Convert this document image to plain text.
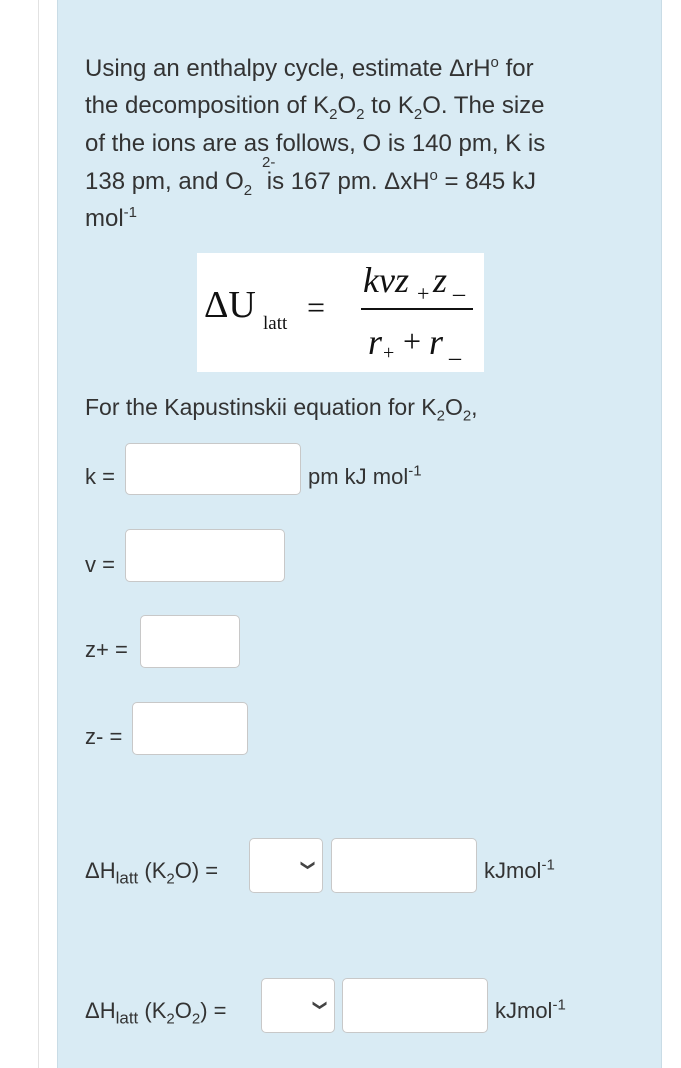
Using an enthalpy cycle, estimate ΔrH$^o$ for
the decomposition of $K_2O_2$ to $K_2O$. The size
of the ions are as follows, O is 140 pm, K is
2-
138 pm, and $O_2$ is 167 pm. ΔxH$^o$ = 845 kJ
mol$^{-1}$
ΔU latt =
kvz + z _
r + + r _
For the Kapustinskii equation for $K_2O_2$,
k =	pm kJ mol$^{-1}$
v =
z+ =
z- =
$\Delta H_{latt}$ $(K_2O)$ =	❯	kJmol$^{-1}$
$\Delta H_{latt}$ $(K_2O_2)$ =	❯	kJmol$^{-1}$
